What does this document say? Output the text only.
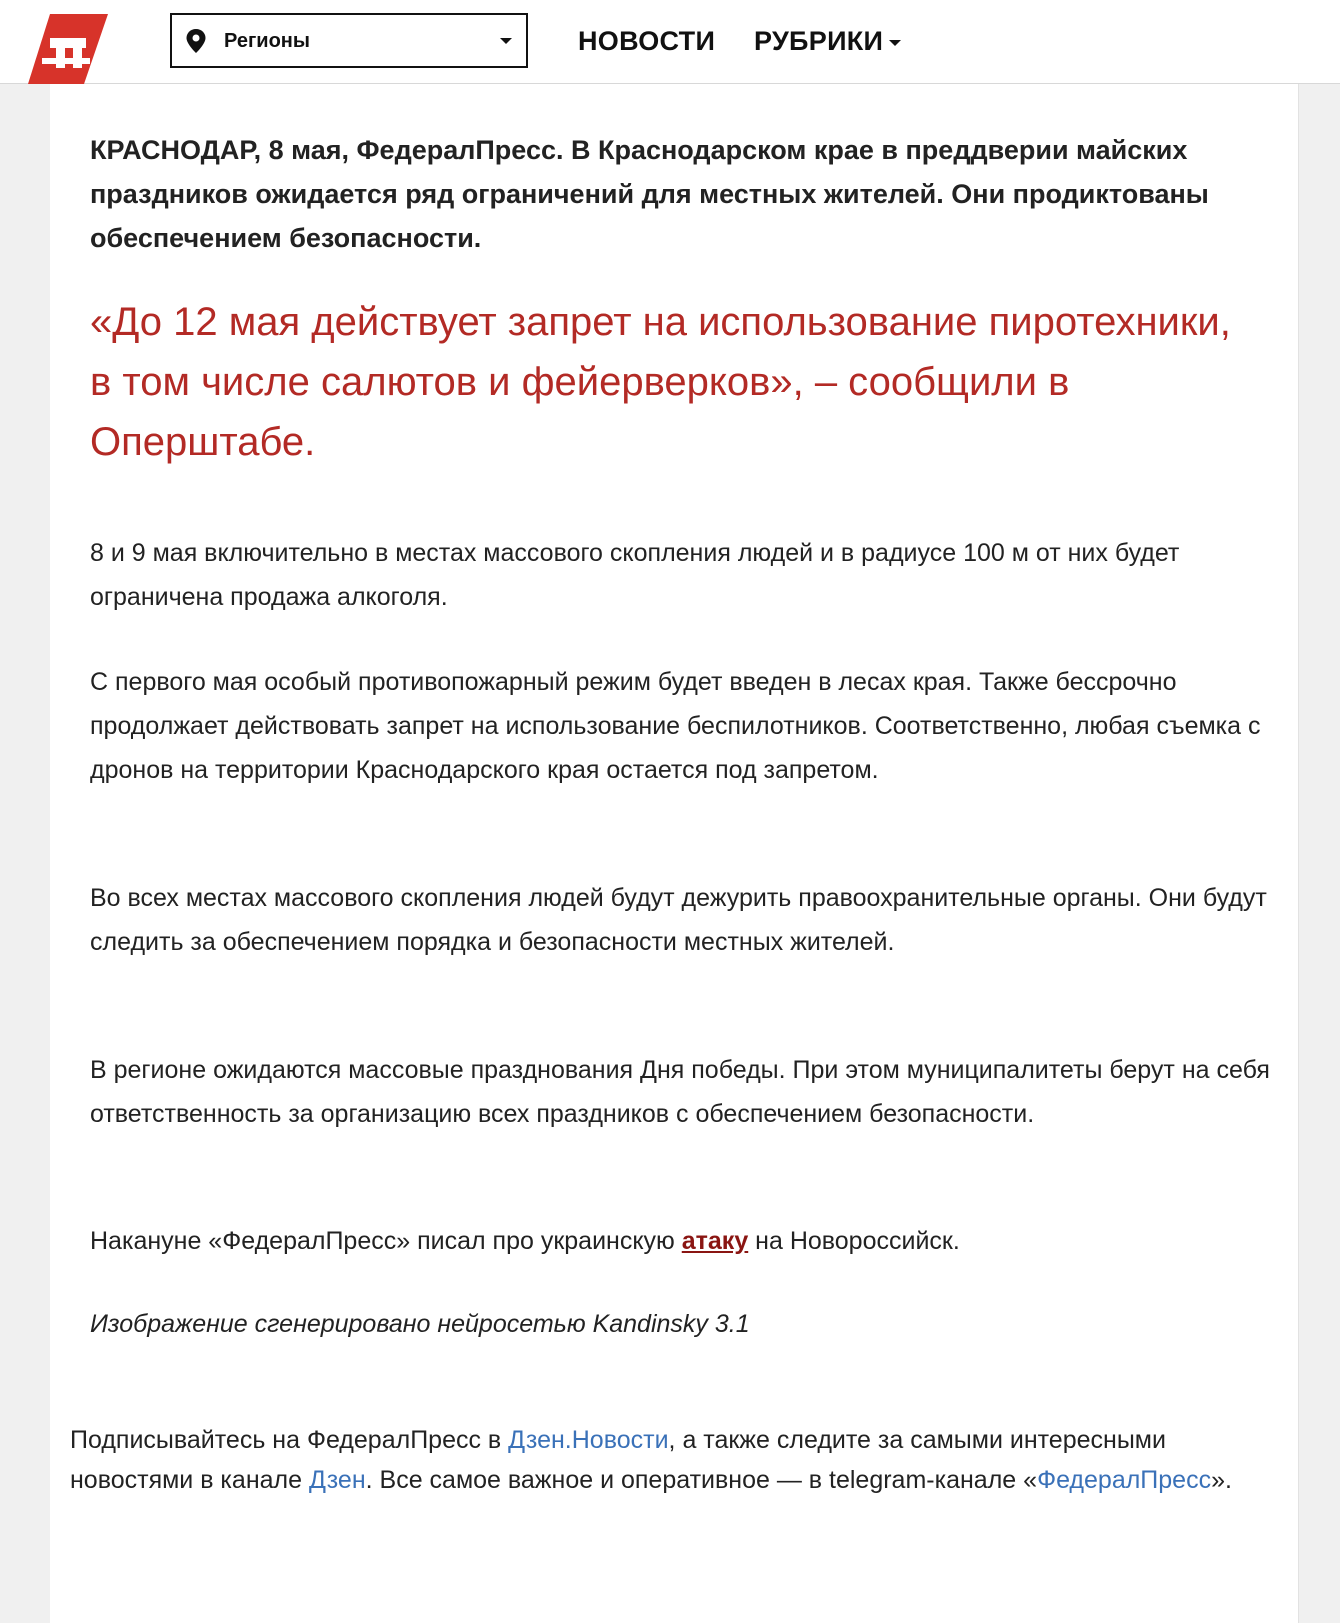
Регионы	НОВОСТИ РУБРИКИ
КРАСНОДАР, 8 мая, ФедералПресс. В Краснодарском крае в преддверии майских праздников ожидается ряд ограничений для местных жителей. Они продиктованы обеспечением безопасности.
«До 12 мая действует запрет на использование пиротехники, в том числе салютов и фейерверков», – сообщили в Оперштабе.
8 и 9 мая включительно в местах массового скопления людей и в радиусе 100 м от них будет ограничена продажа алкоголя.
С первого мая особый противопожарный режим будет введен в лесах края. Также бессрочно продолжает действовать запрет на использование беспилотников. Соответственно, любая съемка с дронов на территории Краснодарского края остается под запретом.
Во всех местах массового скопления людей будут дежурить правоохранительные органы. Они будут следить за обеспечением порядка и безопасности местных жителей.
В регионе ожидаются массовые празднования Дня победы. При этом муниципалитеты берут на себя ответственность за организацию всех праздников с обеспечением безопасности.
Накануне «ФедералПресс» писал про украинскую атаку на Новороссийск.
Изображение сгенерировано нейросетью Kandinsky 3.1
Подписывайтесь на ФедералПресс в Дзен.Новости, а также следите за самыми интересными новостями в канале Дзен. Все самое важное и оперативное — в telegram-канале «ФедералПресс».
